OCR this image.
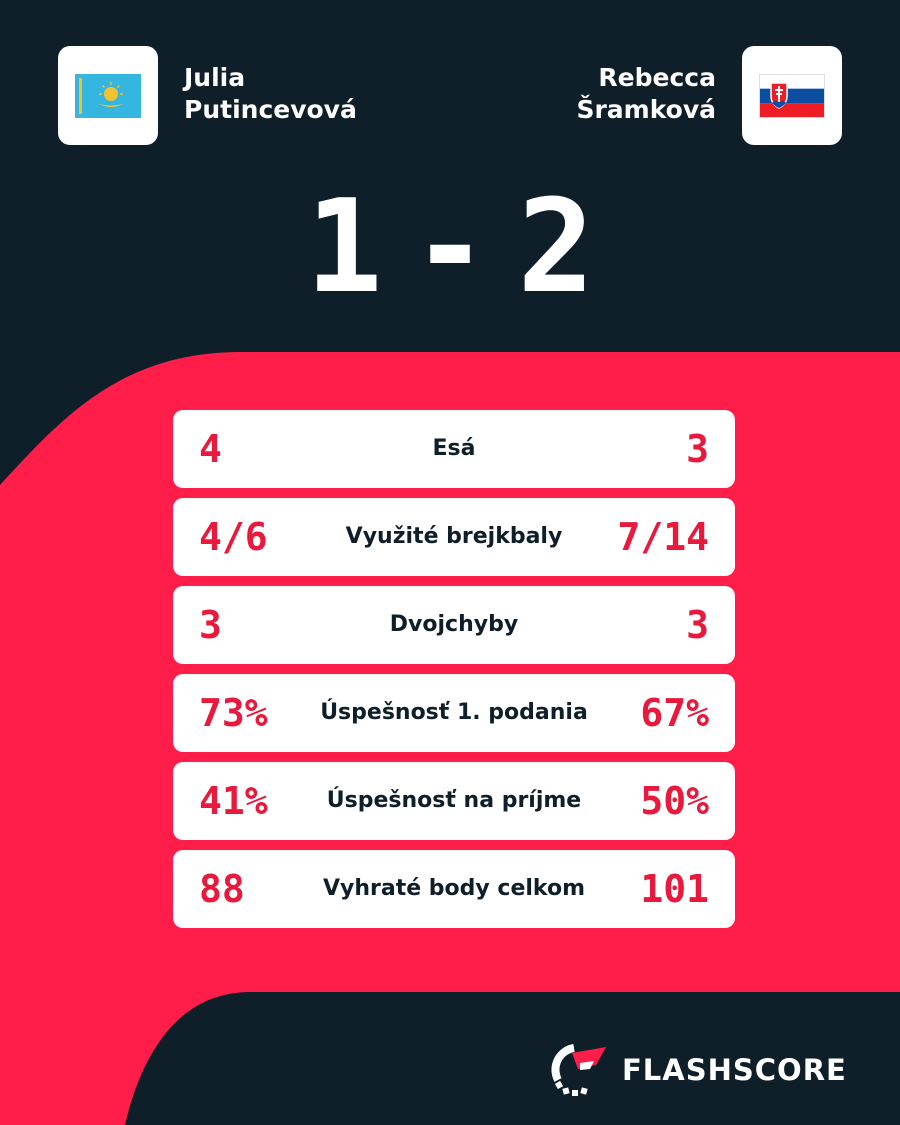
Julia
Putincevová
Rebecca
Šramková
1 - 2
4	Esá	3
4/6	Využité brejkbaly	7/14
3	Dvojchyby	3
73%	Úspešnosť 1. podania	67%
41%	Úspešnosť na príjme	50%
88	Vyhraté body celkom	101
FLASHSCORE
